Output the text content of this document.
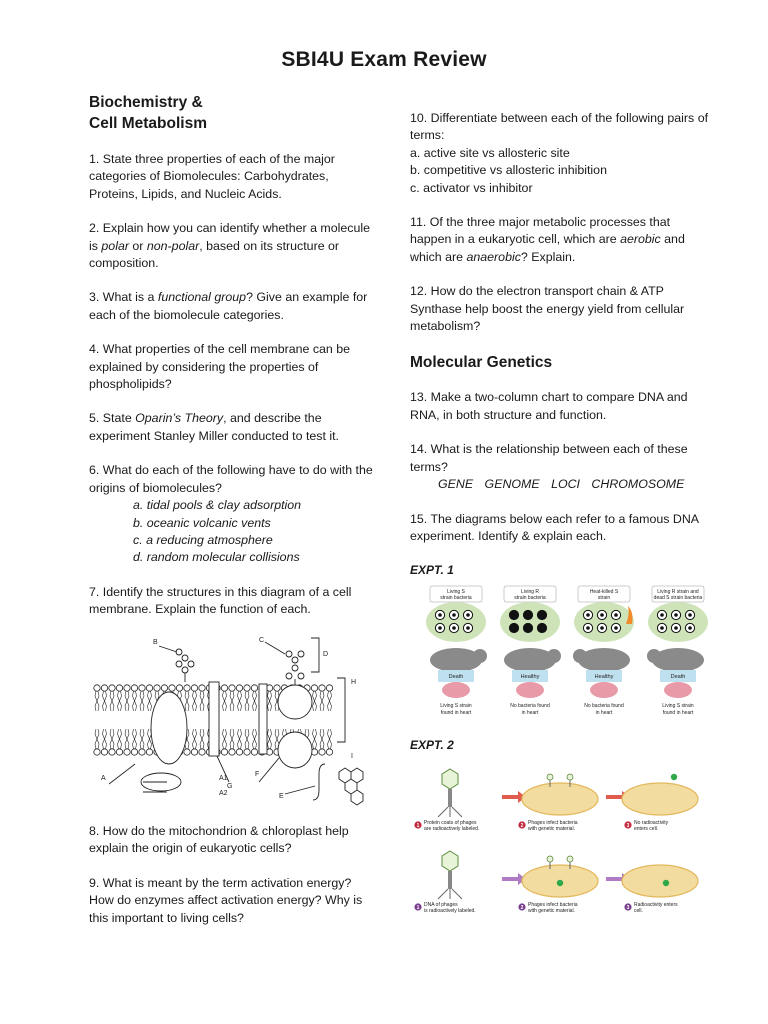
SBI4U Exam Review
Biochemistry &
Cell Metabolism

1. State three properties of each of the major categories of Biomolecules: Carbohydrates, Proteins, Lipids, and Nucleic Acids.

2. Explain how you can identify whether a molecule is polar or non-polar, based on its structure or composition.

3. What is a functional group? Give an example for each of the biomolecule categories.

4. What properties of the cell membrane can be explained by considering the properties of phospholipids?

5. State Oparin’s Theory, and describe the experiment Stanley Miller conducted to test it.

6. What do each of the following have to do with the origins of biomolecules?

a. tidal pools & clay adsorption

b. oceanic volcanic vents

c. a reducing atmosphere

d. random molecular collisions

7. Identify the structures in this diagram of a cell membrane. Explain the function of each.

A	A1
A2
B	C
D
E
F
G
H
I

8. How do the mitochondrion & chloroplast help explain the origin of eukaryotic cells?

9. What is meant by the term activation energy? How do enzymes affect activation energy? Why is this important to living cells?

10. Differentiate between each of the following pairs of terms:

a. active site vs allosteric site

b. competitive vs allosteric inhibition

c. activator vs inhibitor

11. Of the three major metabolic processes that happen in a eukaryotic cell, which are aerobic and which are anaerobic? Explain.

12. How do the electron transport chain & ATP Synthase help boost the energy yield from cellular metabolism?

Molecular Genetics

13. Make a two-column chart to compare DNA and RNA, in both structure and function.

14. What is the relationship between each of these terms?

GENE GENOME LOCI CHROMOSOME

15. The diagrams below each refer to a famous DNA experiment. Identify & explain each.

EXPT. 1
Living S
strain bacteria
Death
Living S strain
found in heart
Living R
strain bacteria
Healthy
No bacteria found
in heart
Heat-killed S
strain
Healthy
No bacteria found
in heart
Living R strain and
dead S strain bacteria
Death
Living S strain
found in heart
EXPT. 2
1 Protein coats of phages
are radioactively labeled.	2 Phages infect bacteria
with genetic material.	3 No radioactivity
enters cell.
1 DNA of phages
is radioactively labeled.	2 Phages infect bacteria
with genetic material.	3 Radioactivity enters
cell.
